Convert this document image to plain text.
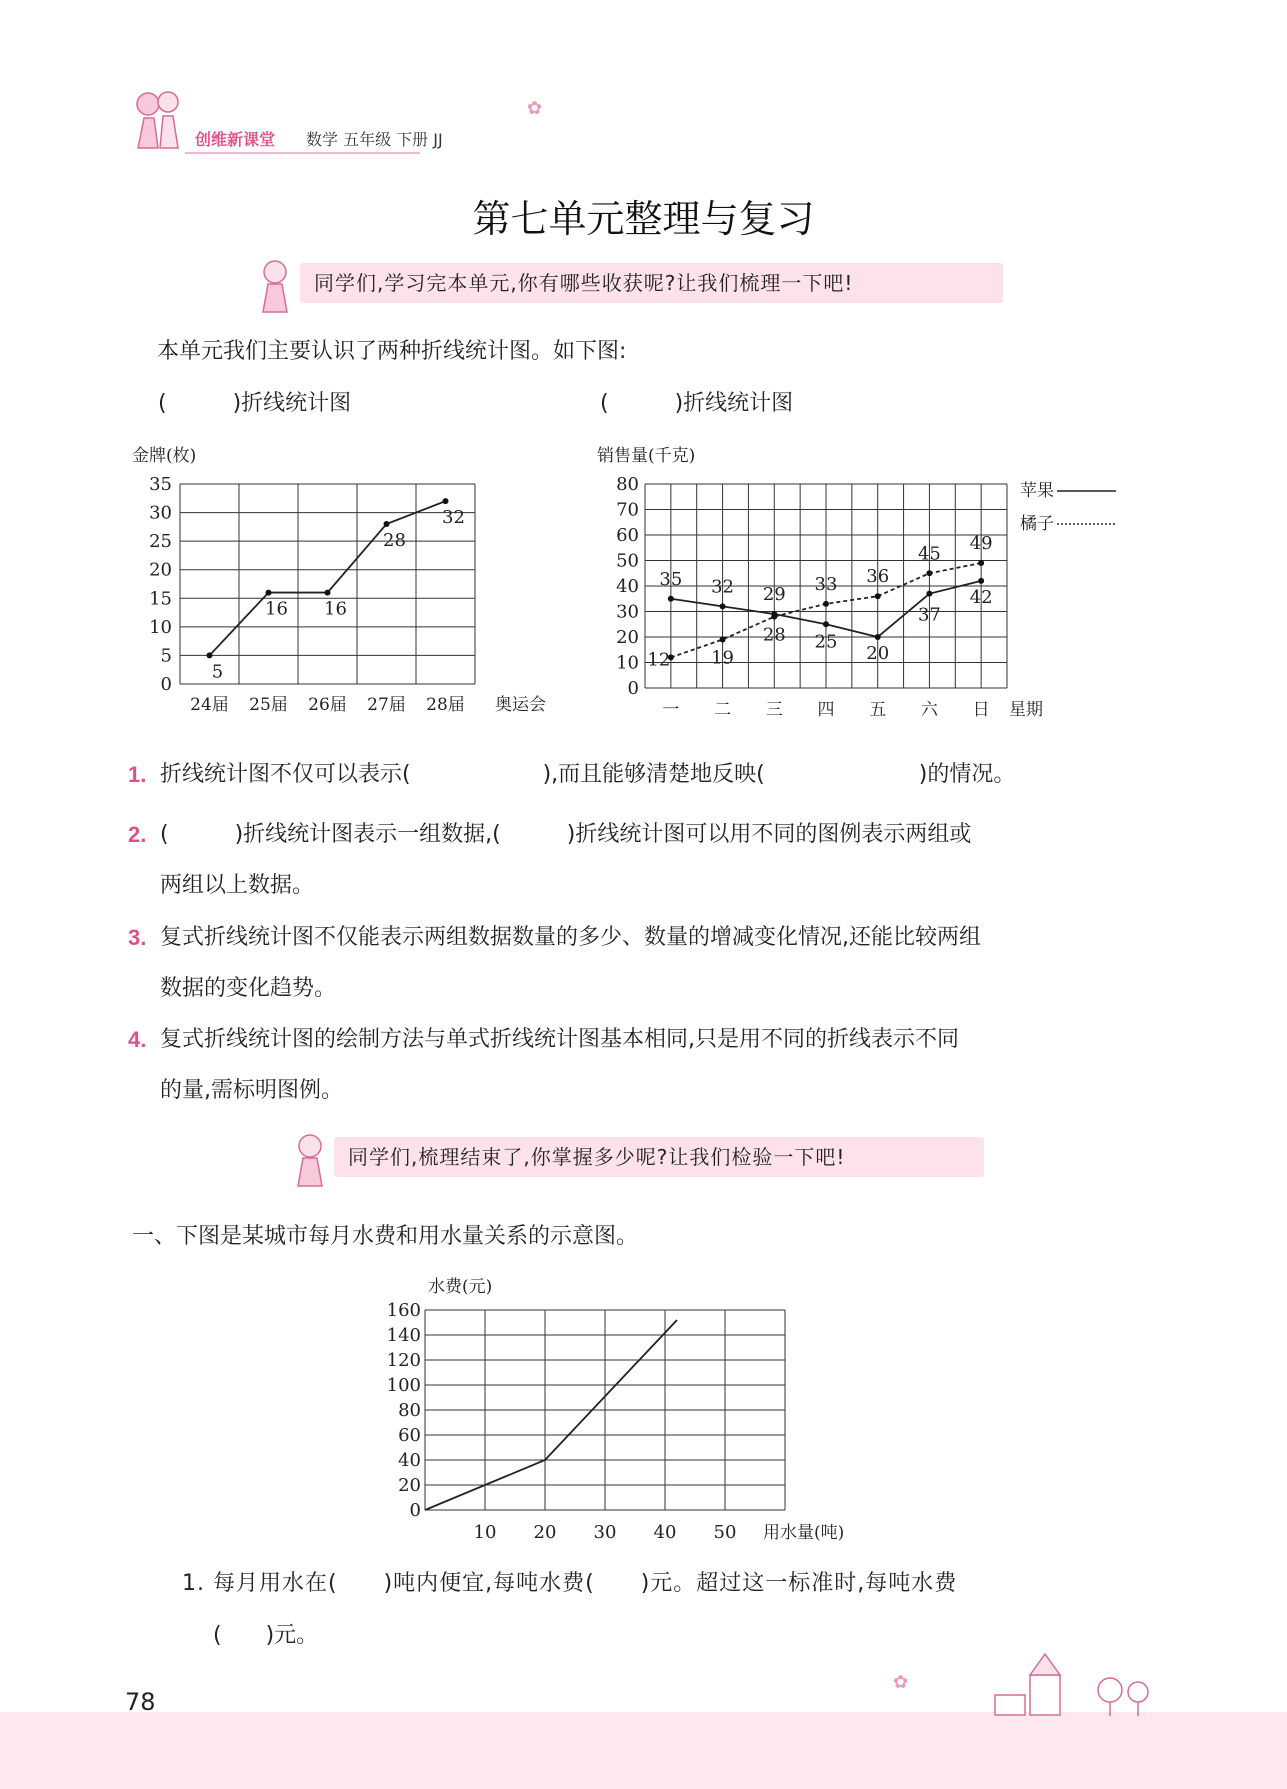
创维新课堂 数学 五年级 下册 JJ
✿
第七单元整理与复习
同学们,学习完本单元,你有哪些收获呢?让我们梳理一下吧!
本单元我们主要认识了两种折线统计图。如下图:
(　　　)折线统计图	(　　　)折线统计图
金牌(枚)
0
5
10
15
20
25
30
35
24届 25届 26届 27届 28届 奥运会
5
16 16
28
32
销售量(千克)
0
10
20
30
40
50
60
70
80
一 二 三 四 五 六 日 星期
苹果
橘子
35 32 29
25
20
37
42
12 19
28
33 36
45 49
1. 折线统计图不仅可以表示(　　　　　　),而且能够清楚地反映(　　　　　　　)的情况。
2. (　　　)折线统计图表示一组数据,(　　　)折线统计图可以用不同的图例表示两组或
两组以上数据。
3. 复式折线统计图不仅能表示两组数据数量的多少、数量的增减变化情况,还能比较两组
数据的变化趋势。
4. 复式折线统计图的绘制方法与单式折线统计图基本相同,只是用不同的折线表示不同
的量,需标明图例。
同学们,梳理结束了,你掌握多少呢?让我们检验一下吧!
一、下图是某城市每月水费和用水量关系的示意图。
水费(元)
0
20
40
60
80
100
120
140
160
10 20 30 40 50 用水量(吨)
1. 每月用水在(　　)吨内便宜,每吨水费(　　)元。超过这一标准时,每吨水费
(　　)元。
78
✿
